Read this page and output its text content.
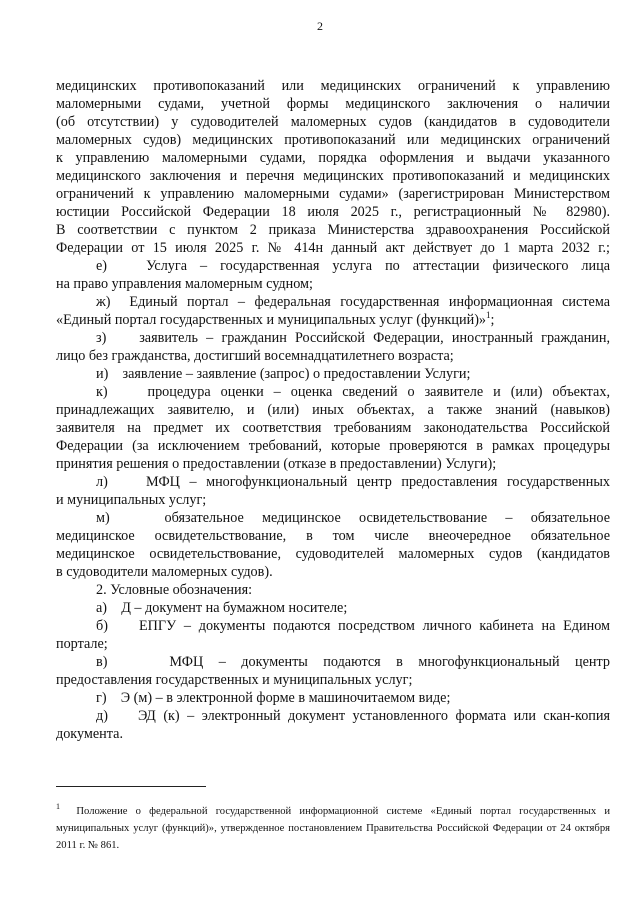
2
медицинских противопоказаний или медицинских ограничений к управлению
маломерными судами, учетной формы медицинского заключения о наличии
(об отсутствии) у судоводителей маломерных судов (кандидатов в судоводители
маломерных судов) медицинских противопоказаний или медицинских ограничений
к управлению маломерными судами, порядка оформления и выдачи указанного
медицинского заключения и перечня медицинских противопоказаний и медицинских
ограничений к управлению маломерными судами» (зарегистрирован Министерством
юстиции Российской Федерации 18 июля 2025 г., регистрационный № 82980).
В соответствии с пунктом 2 приказа Министерства здравоохранения Российской
Федерации от 15 июля 2025 г. № 414н данный акт действует до 1 марта 2032 г.;
е)   Услуга – государственная услуга по аттестации физического лица
на право управления маломерным судном;
ж)  Единый портал – федеральная государственная информационная система
«Единый портал государственных и муниципальных услуг (функций)»$^1$;
з)    заявитель – гражданин Российской Федерации, иностранный гражданин,
лицо без гражданства, достигший восемнадцатилетнего возраста;
и)    заявление – заявление (запрос) о предоставлении Услуги;
к)    процедура оценки – оценка сведений о заявителе и (или) объектах,
принадлежащих заявителю, и (или) иных объектах, а также знаний (навыков)
заявителя на предмет их соответствия требованиям законодательства Российской
Федерации (за исключением требований, которые проверяются в рамках процедуры
принятия решения о предоставлении (отказе в предоставлении) Услуги);
л)    МФЦ – многофункциональный центр предоставления государственных
и муниципальных услуг;
м)   обязательное медицинское освидетельствование – обязательное
медицинское освидетельствование, в том числе внеочередное обязательное
медицинское освидетельствование, судоводителей маломерных судов (кандидатов
в судоводители маломерных судов).
2. Условные обозначения:
а)    Д – документ на бумажном носителе;
б)    ЕПГУ – документы подаются посредством личного кабинета на Едином
портале;
в)    МФЦ – документы подаются в многофункциональный центр
предоставления государственных и муниципальных услуг;
г)    Э (м) – в электронной форме в машиночитаемом виде;
д)    ЭД (к) – электронный документ установленного формата или скан-копия
документа.
$^1$ Положение о федеральной государственной информационной системе «Единый портал государственных и
муниципальных услуг (функций)», утвержденное постановлением Правительства Российской Федерации от 24 октября
2011 г. № 861.
